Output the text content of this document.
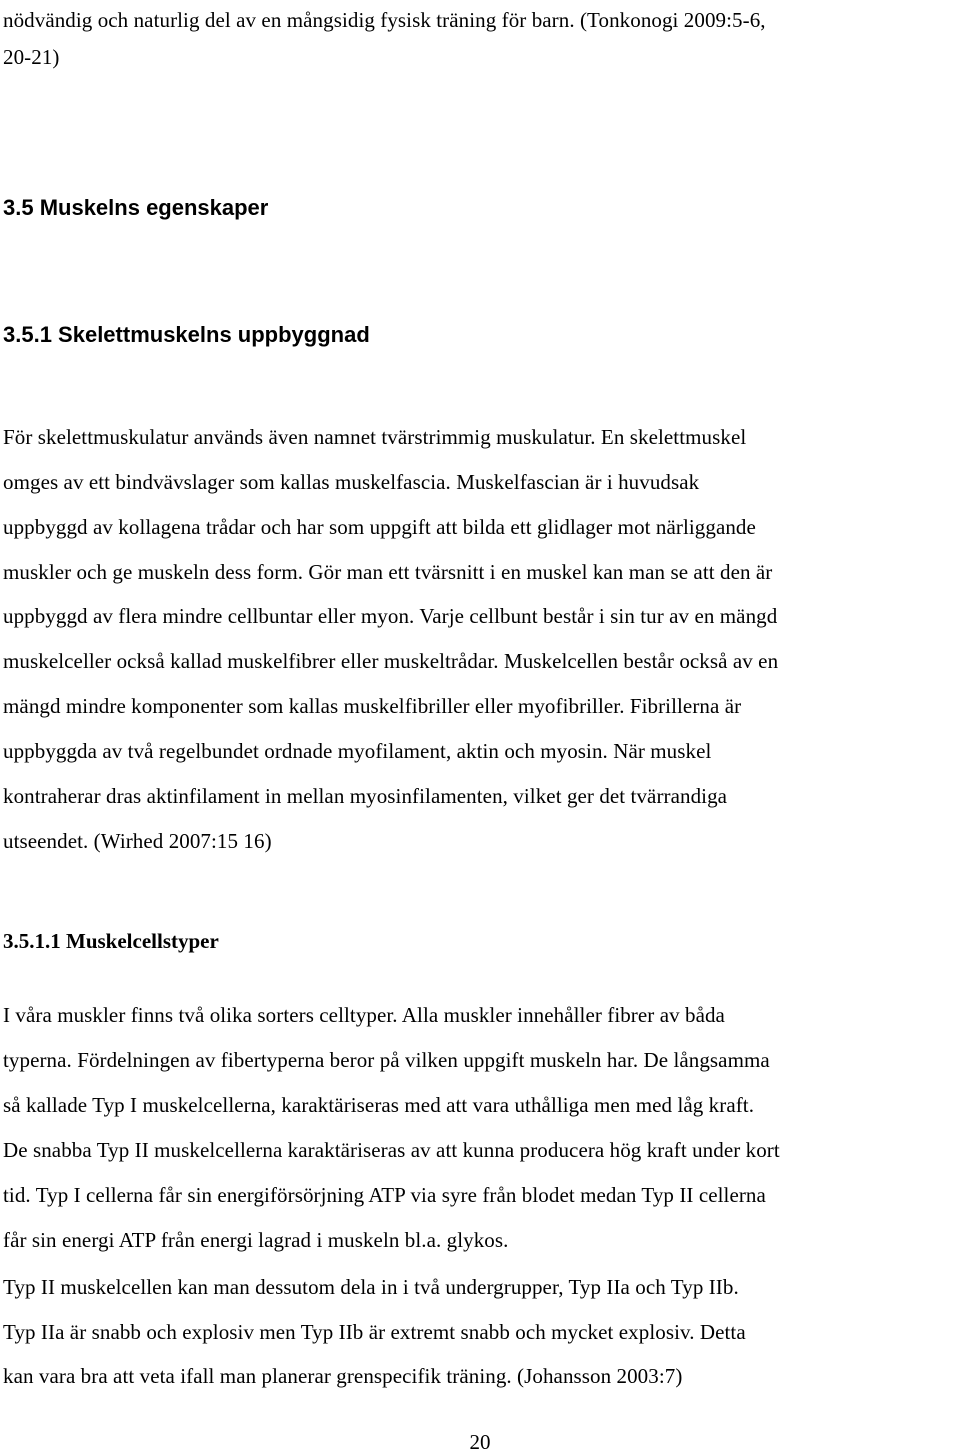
nödvändig och naturlig del av en mångsidig fysisk träning för barn. (Tonkonogi 2009:5-6,
20-21)
3.5 Muskelns egenskaper
3.5.1 Skelettmuskelns uppbyggnad
För skelettmuskulatur används även namnet tvärstrimmig muskulatur. En skelettmuskel
omges av ett bindvävslager som kallas muskelfascia. Muskelfascian är i huvudsak
uppbyggd av kollagena trådar och har som uppgift att bilda ett glidlager mot närliggande
muskler och ge muskeln dess form. Gör man ett tvärsnitt i en muskel kan man se att den är
uppbyggd av flera mindre cellbuntar eller myon. Varje cellbunt består i sin tur av en mängd
muskelceller också kallad muskelfibrer eller muskeltrådar. Muskelcellen består också av en
mängd mindre komponenter som kallas muskelfibriller eller myofibriller. Fibrillerna är
uppbyggda av två regelbundet ordnade myofilament, aktin och myosin. När muskel
kontraherar dras aktinfilament in mellan myosinfilamenten, vilket ger det tvärrandiga
utseendet. (Wirhed 2007:15 16)
3.5.1.1 Muskelcellstyper
I våra muskler finns två olika sorters celltyper. Alla muskler innehåller fibrer av båda
typerna. Fördelningen av fibertyperna beror på vilken uppgift muskeln har. De långsamma
så kallade Typ I muskelcellerna, karaktäriseras med att vara uthålliga men med låg kraft.
De snabba Typ II muskelcellerna karaktäriseras av att kunna producera hög kraft under kort
tid. Typ I cellerna får sin energiförsörjning ATP via syre från blodet medan Typ II cellerna
får sin energi ATP från energi lagrad i muskeln bl.a. glykos.
Typ II muskelcellen kan man dessutom dela in i två undergrupper, Typ IIa och Typ IIb.
Typ IIa är snabb och explosiv men Typ IIb är extremt snabb och mycket explosiv. Detta
kan vara bra att veta ifall man planerar grenspecifik träning. (Johansson 2003:7)
20
